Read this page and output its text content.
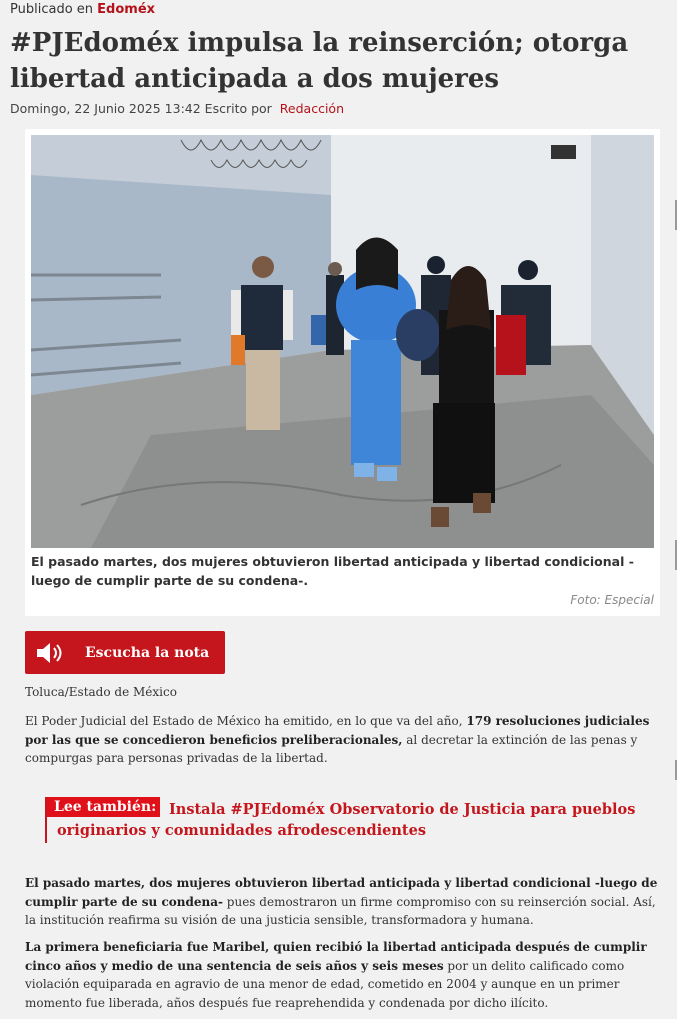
Publicado en Edoméx
#PJEdoméx impulsa la reinserción; otorga libertad anticipada a dos mujeres
Domingo, 22 Junio 2025 13:42 Escrito por Redacción
El pasado martes, dos mujeres obtuvieron libertad anticipada y libertad condicional -luego de cumplir parte de su condena-.
Foto: Especial
Escucha la nota
Toluca/Estado de México

El Poder Judicial del Estado de México ha emitido, en lo que va del año, 179 resoluciones judiciales por las que se concedieron beneficios preliberacionales, al decretar la extinción de las penas y compurgas para personas privadas de la libertad.

Lee también: Instala #PJEdoméx Observatorio de Justicia para pueblos originarios y comunidades afrodescendientes

El pasado martes, dos mujeres obtuvieron libertad anticipada y libertad condicional -luego de cumplir parte de su condena- pues demostraron un firme compromiso con su reinserción social. Así, la institución reafirma su visión de una justicia sensible, transformadora y humana.

La primera beneficiaria fue Maribel, quien recibió la libertad anticipada después de cumplir cinco años y medio de una sentencia de seis años y seis meses por un delito calificado como violación equiparada en agravio de una menor de edad, cometido en 2004 y aunque en un primer momento fue liberada, años después fue reaprehendida y condenada por dicho ilícito.
